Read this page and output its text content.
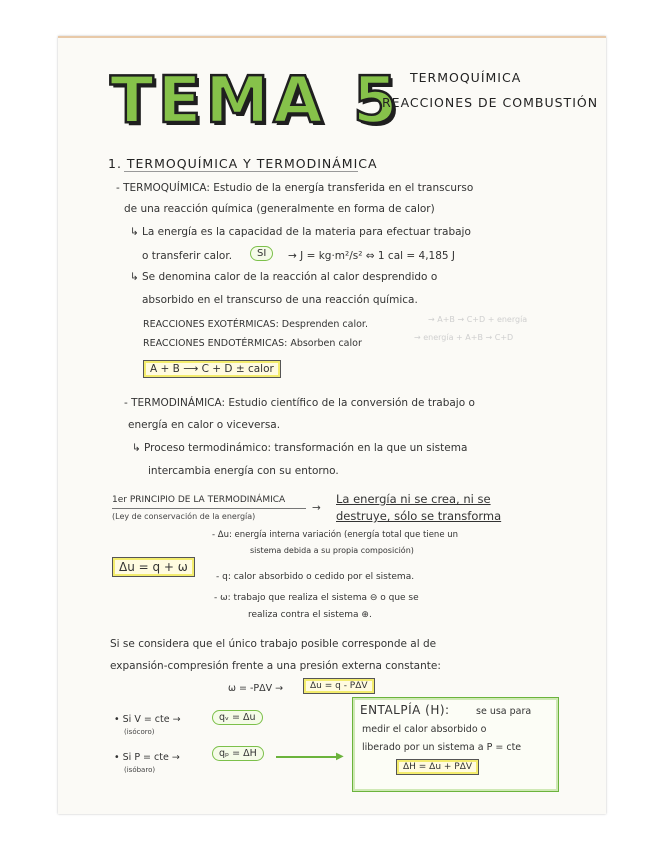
TEMA 5 TERMOQUÍMICA
REACCIONES DE COMBUSTIÓN
1. TERMOQUÍMICA Y TERMODINÁMICA
- TERMOQUÍMICA: Estudio de la energía transferida en el transcurso
de una reacción química (generalmente en forma de calor)
↳ La energía es la capacidad de la materia para efectuar trabajo
o transferir calor.	SI	→ J = kg·m²/s² ⇔ 1 cal = 4,185 J
↳ Se denomina calor de la reacción al calor desprendido o
absorbido en el transcurso de una reacción química.
REACCIONES EXOTÉRMICAS: Desprenden calor.	→ A+B → C+D + energía
REACCIONES ENDOTÉRMICAS: Absorben calor
→ energía + A+B → C+D
A + B ⟶ C + D ± calor
- TERMODINÁMICA: Estudio científico de la conversión de trabajo o
energía en calor o viceversa.
↳ Proceso termodinámico: transformación en la que un sistema
intercambia energía con su entorno.
1er PRINCIPIO DE LA TERMODINÁMICA
(Ley de conservación de la energía)
→
La energía ni se crea, ni se
destruye, sólo se transforma
Δu = q + ω
- Δu: energía interna variación (energía total que tiene un
sistema debida a su propia composición)
- q: calor absorbido o cedido por el sistema.
- ω: trabajo que realiza el sistema ⊖ o que se
realiza contra el sistema ⊕.
Si se considera que el único trabajo posible corresponde al de
expansión-compresión frente a una presión externa constante:
ω = -PΔV →	Δu = q - PΔV
• Si V = cte →
(isócoro)
qᵥ = Δu
• Si P = cte →
(isóbaro)
qₚ = ΔH	▶
ENTALPÍA (H):	se usa para
medir el calor absorbido o
liberado por un sistema a P = cte
ΔH = Δu + PΔV
